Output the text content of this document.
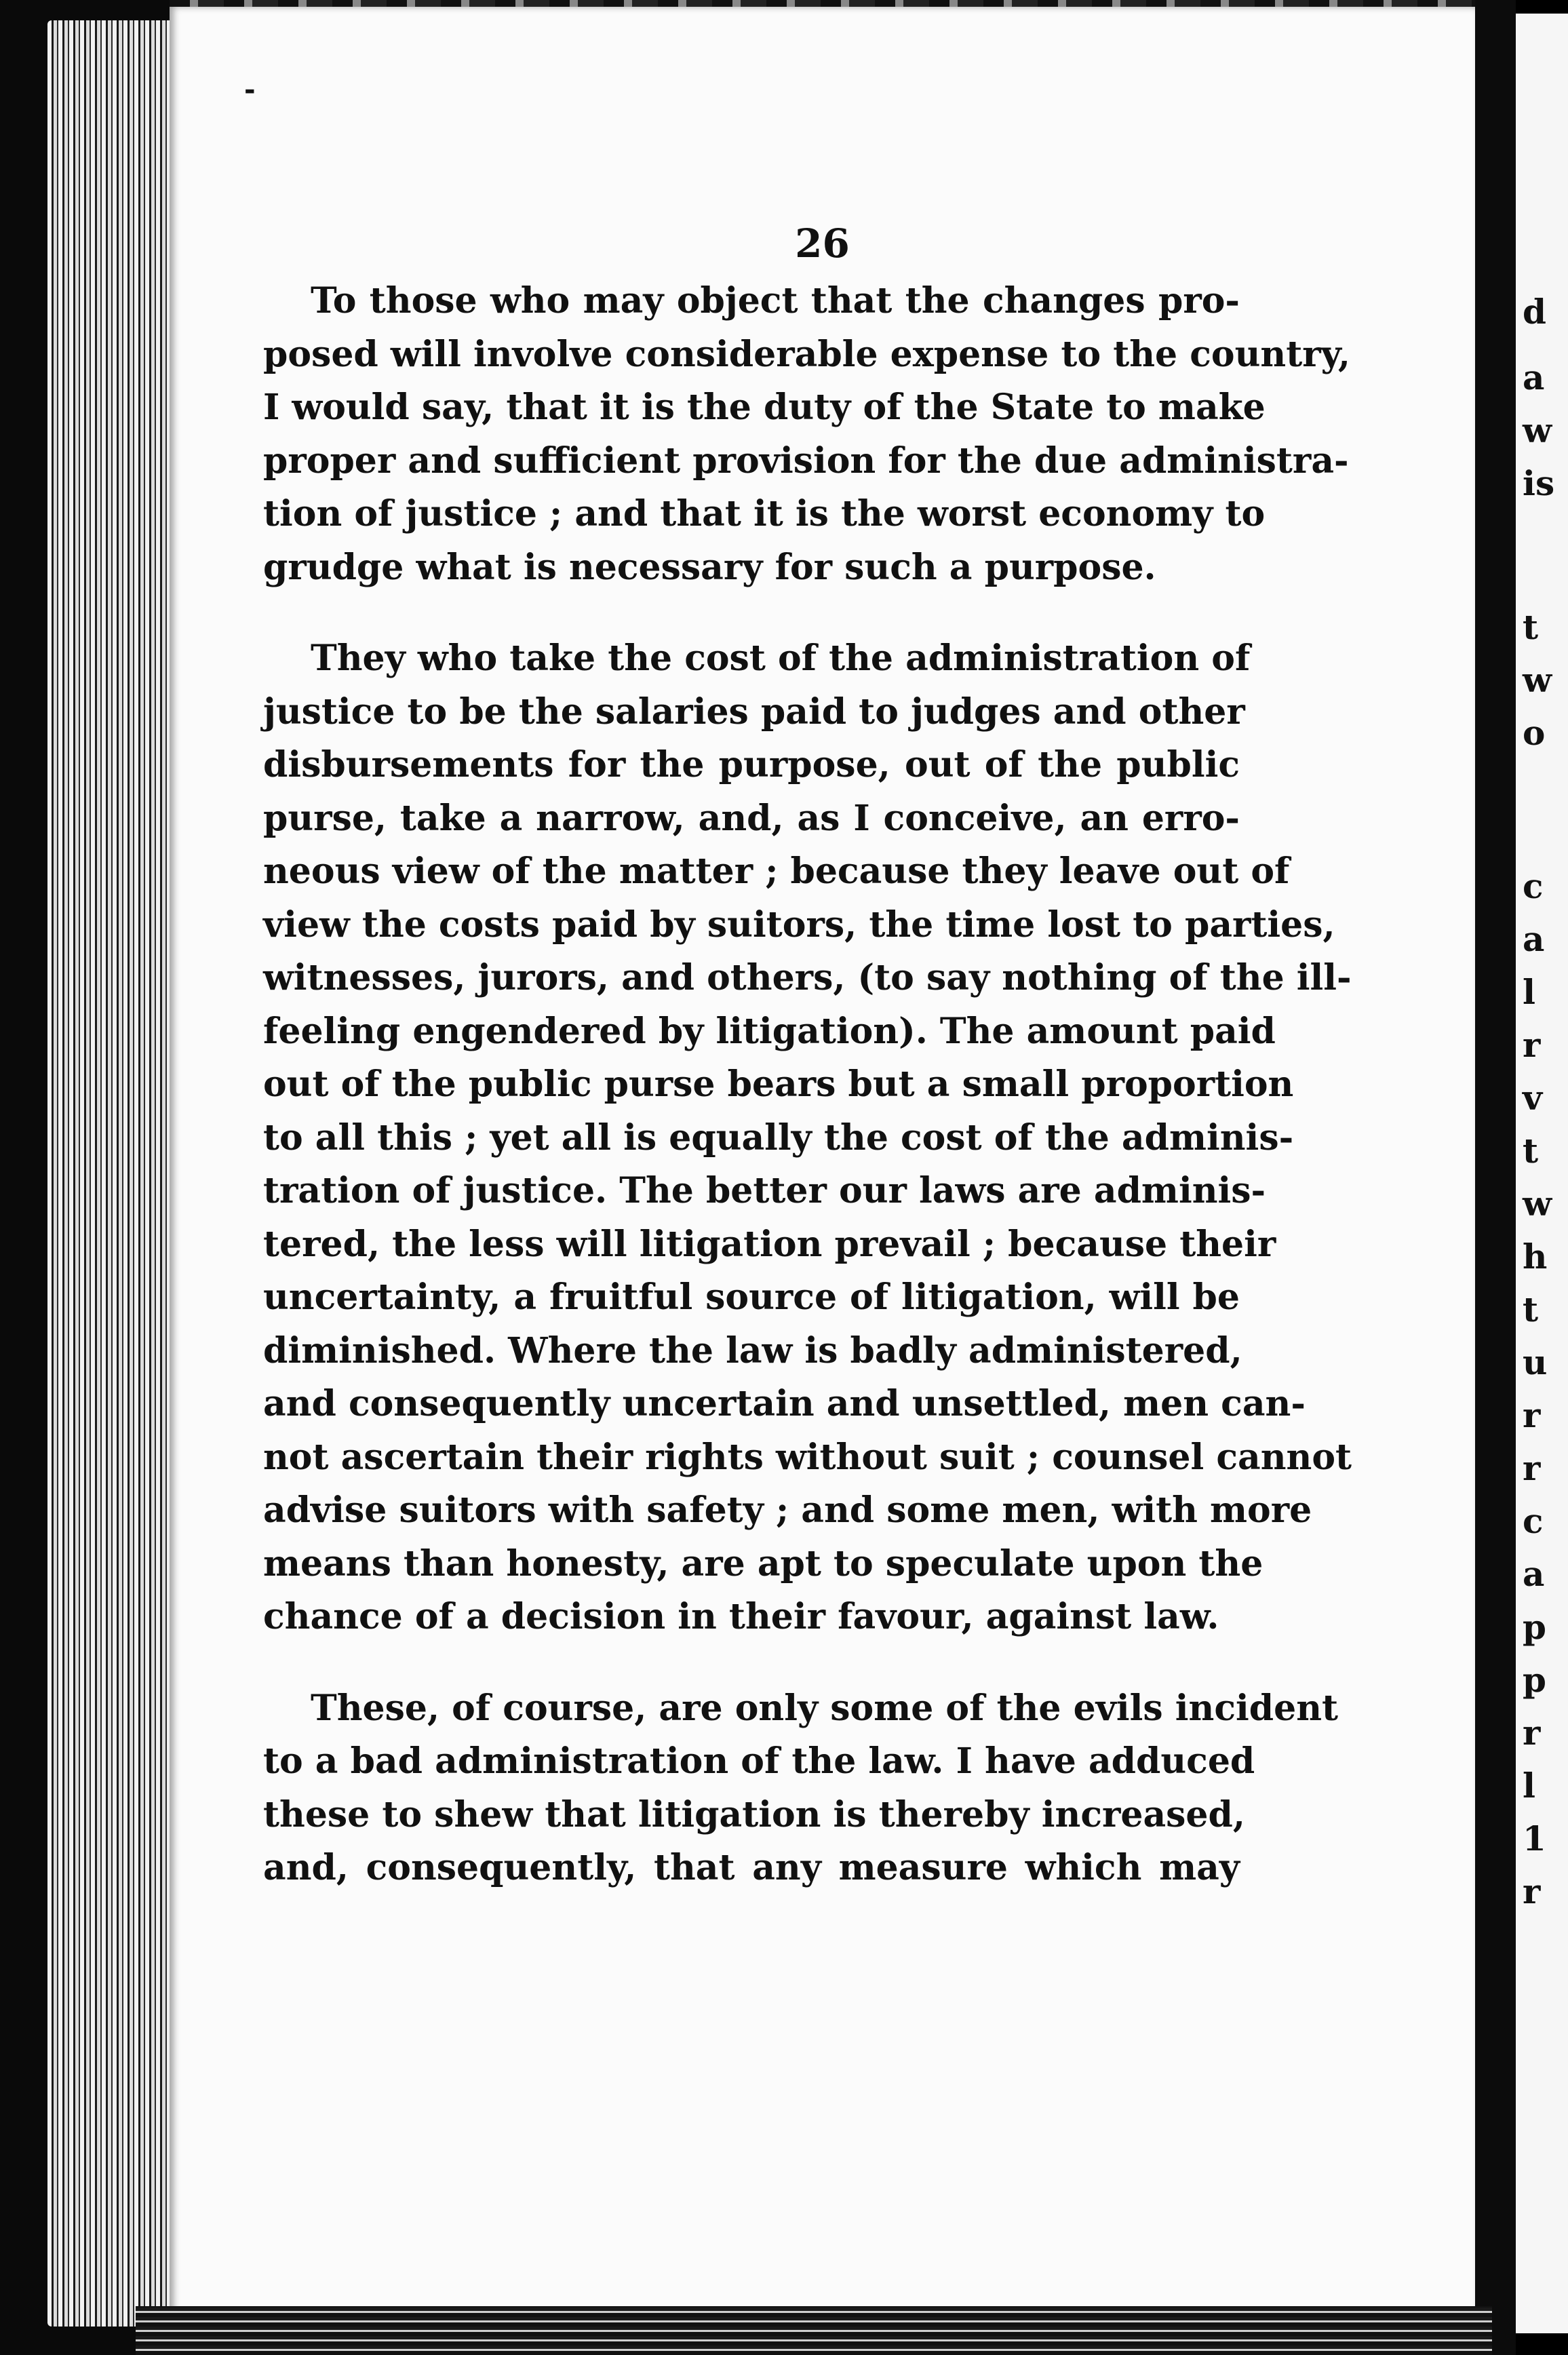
26
-

To those who may object that the changes pro-

posed will involve considerable expense to the country,

I would say, that it is the duty of the State to make

proper and sufficient provision for the due administra-

tion of justice ; and that it is the worst economy to

grudge what is necessary for such a purpose.

They who take the cost of the administration of

justice to be the salaries paid to judges and other

disbursements for the purpose, out of the public

purse, take a narrow, and, as I conceive, an erro-

neous view of the matter ; because they leave out of

view the costs paid by suitors, the time lost to parties,

witnesses, jurors, and others, (to say nothing of the ill-

feeling engendered by litigation). The amount paid

out of the public purse bears but a small proportion

to all this ; yet all is equally the cost of the adminis-

tration of justice. The better our laws are adminis-

tered, the less will litigation prevail ; because their

uncertainty, a fruitful source of litigation, will be

diminished. Where the law is badly administered,

and consequently uncertain and unsettled, men can-

not ascertain their rights without suit ; counsel cannot

advise suitors with safety ; and some men, with more

means than honesty, are apt to speculate upon the

chance of a decision in their favour, against law.

These, of course, are only some of the evils incident

to a bad administration of the law. I have adduced

these to shew that litigation is thereby increased,

and, consequently, that any measure which may

d
a
w
is
t
w
o
c
a
l
r
v
t
w
h
t
u
r
r
c
a
p
p
r
l
1
r
